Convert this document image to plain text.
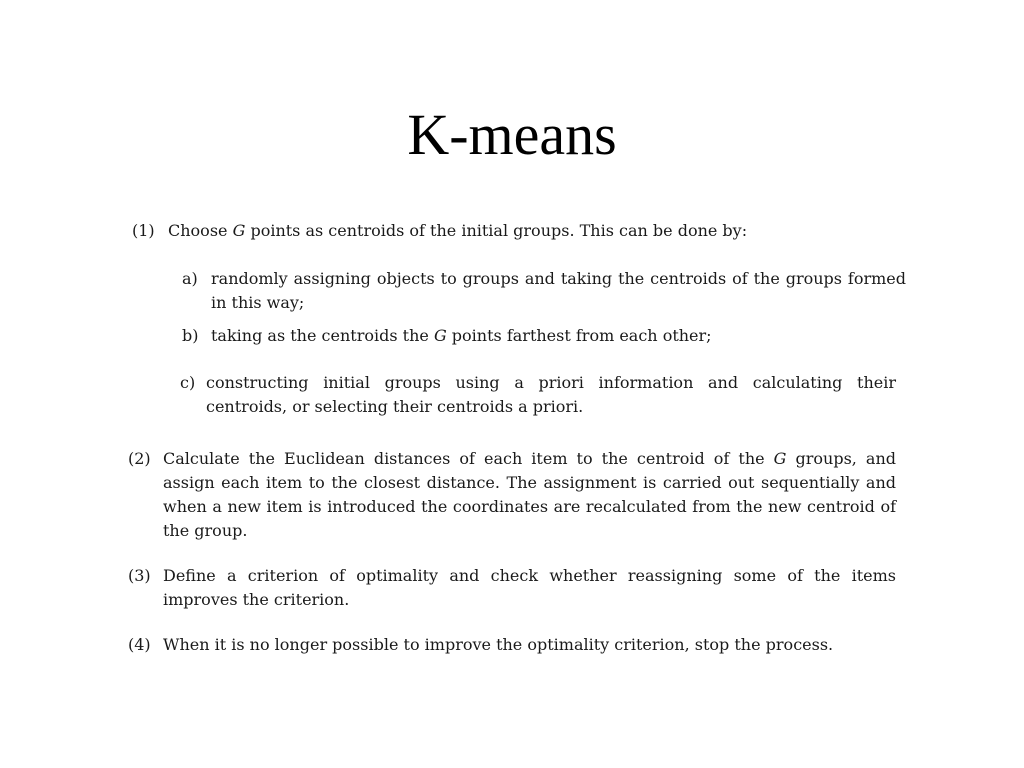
K-means
(1) Choose G points as centroids of the initial groups. This can be done by:
a) randomly assigning objects to groups and taking the centroids of the groups formed in this way;
b) taking as the centroids the G points farthest from each other;
c) constructing initial groups using a priori information and calculating their centroids, or selecting their centroids a priori.
(2) Calculate the Euclidean distances of each item to the centroid of the G groups, and assign each item to the closest distance. The assignment is carried out sequentially and when a new item is introduced the coordinates are recalculated from the new centroid of the group.
(3) Define a criterion of optimality and check whether reassigning some of the items improves the criterion.
(4) When it is no longer possible to improve the optimality criterion, stop the process.
